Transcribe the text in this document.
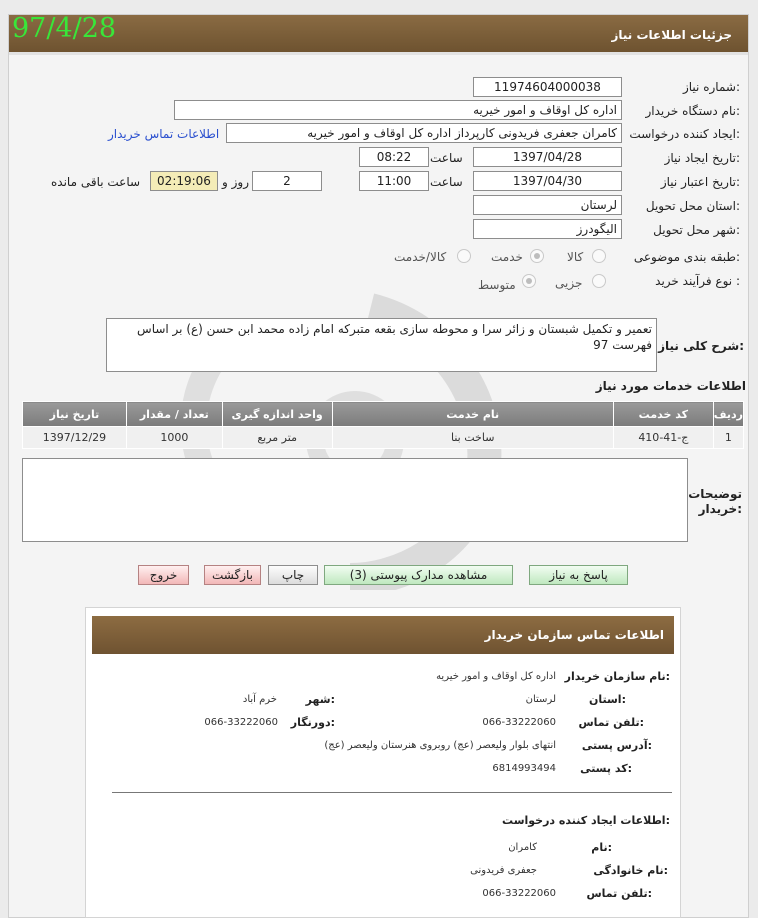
97/4/28	جزئیات اطلاعات نیاز
شماره نیاز:
1197460400003‌8
نام دستگاه خریدار:
اداره کل اوقاف و امور خیریه
ایجاد کننده درخواست:
کامران جعفری فریدونی کارپرداز اداره کل اوقاف و امور خیریه
اطلاعات تماس خریدار
تاریخ ایجاد نیاز:
1397/04/28
ساعت
08:22
تاریخ اعتبار نیاز:
1397/04/30
ساعت
11:00
2
روز و
02:19:06
ساعت باقی مانده
استان محل تحویل:
لرستان
شهر محل تحویل:
الیگودرز
طبقه بندی موضوعی:
کالا
خدمت
کالا/خدمت
نوع فرآیند خرید :
جزیی
متوسط
شرح کلی نیاز:
تعمیر و تکمیل شبستان و زائر سرا و محوطه سازی بقعه متبرکه امام زاده محمد ابن حسن (ع) بر اساس فهرست 97
اطلاعات خدمات مورد نیاز
ردیف	کد خدمت	نام خدمت	واحد اندازه گیری	تعداد / مقدار	تاریخ نیاز
1	ج-41-410	ساخت بنا	متر مربع	1000	1397/12/29
توضیحات خریدار:
پاسخ به نیاز
مشاهده مدارک پیوستی (3)
چاپ
بازگشت
خروج
اطلاعات تماس سازمان خریدار
نام سازمان خریدار:
اداره کل اوقاف و امور خیریه
استان:
لرستان
شهر:
خرم آباد
تلفن تماس:
066-33222060
دورنگار:
066-33222060
آدرس پستی:
انتهای بلوار ولیعصر (عج) روبروی هنرستان ولیعصر (عج)
کد پستی:
6814993494
اطلاعات ایجاد کننده درخواست:
نام:
کامران
نام خانوادگی:
جعفری فریدونی
تلفن تماس:
066-33222060
